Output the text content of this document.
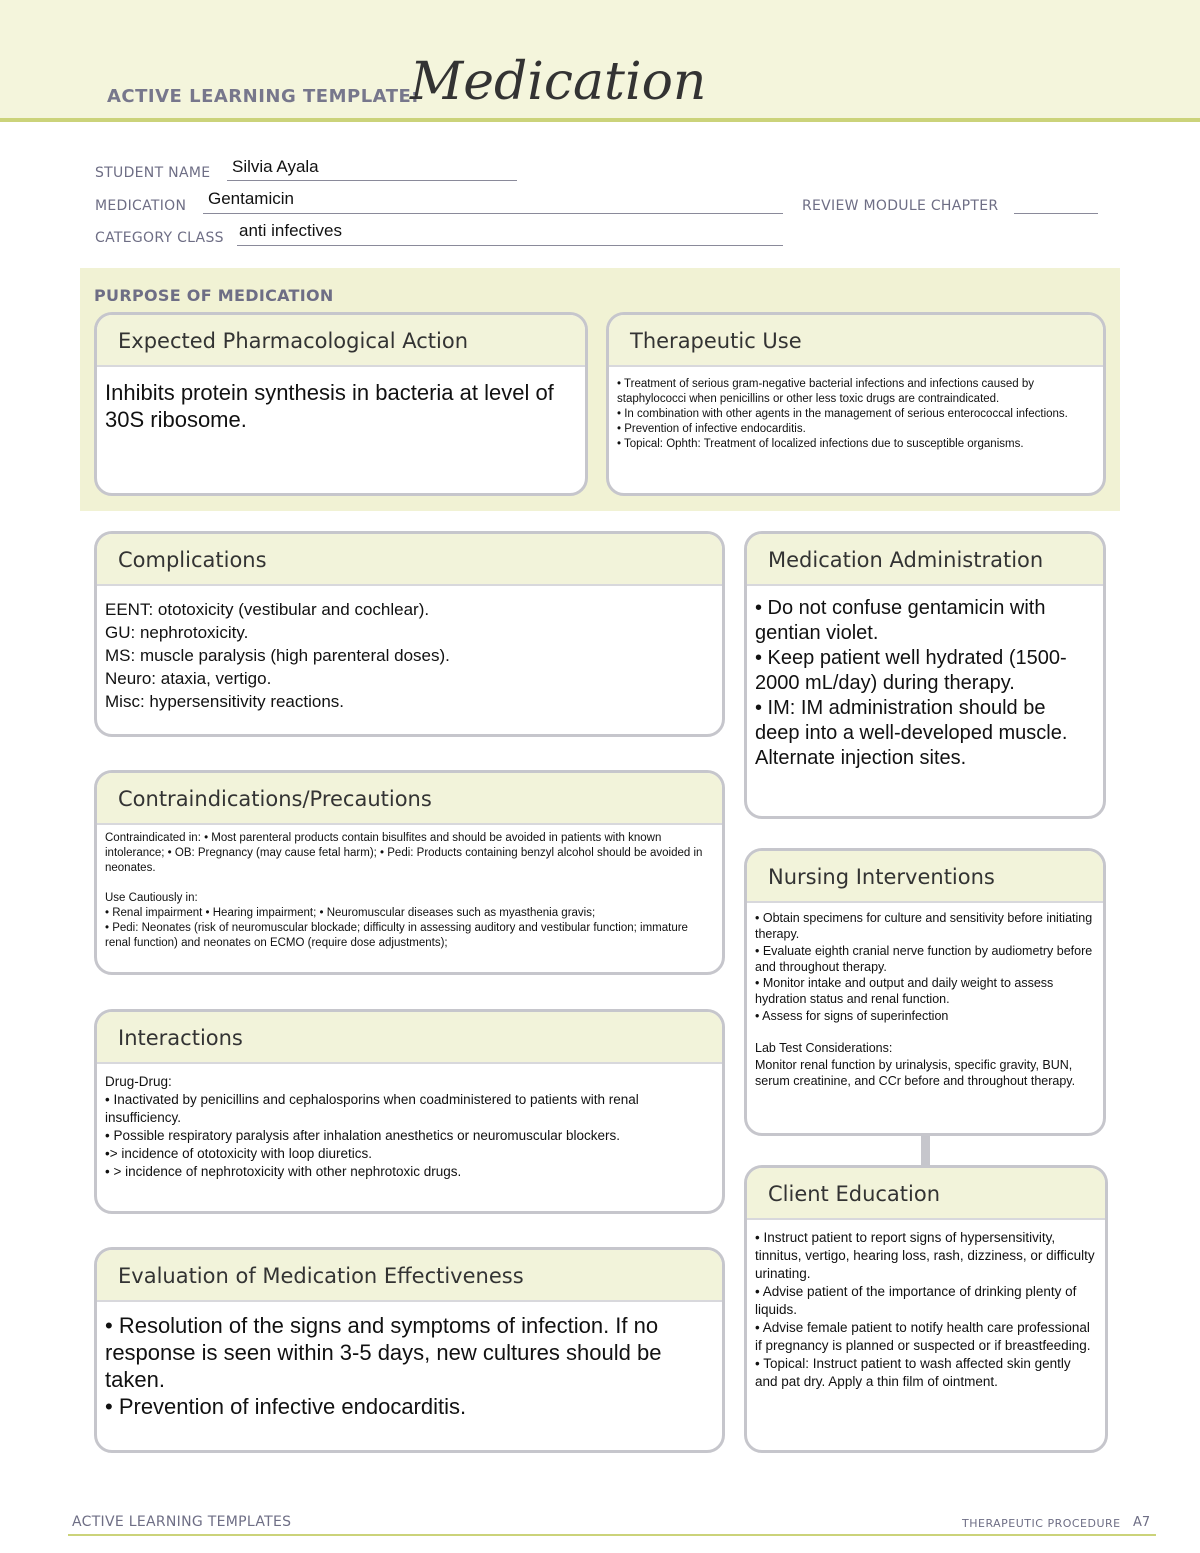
ACTIVE LEARNING TEMPLATE:
Medication
STUDENT NAME Silvia Ayala
MEDICATION Gentamicin	REVIEW MODULE CHAPTER
CATEGORY CLASS anti infectives
PURPOSE OF MEDICATION
Expected Pharmacological Action
Inhibits protein synthesis in bacteria at level of 30S ribosome.
Therapeutic Use
• Treatment of serious gram-negative bacterial infections and infections caused by staphylococci when penicillins or other less toxic drugs are contraindicated.
• In combination with other agents in the management of serious enterococcal infections.
• Prevention of infective endocarditis.
• Topical: Ophth: Treatment of localized infections due to susceptible organisms.
Complications
EENT: ototoxicity (vestibular and cochlear).
GU: nephrotoxicity.
MS: muscle paralysis (high parenteral doses).
Neuro: ataxia, vertigo.
Misc: hypersensitivity reactions.
Medication Administration
• Do not confuse gentamicin with gentian violet.
• Keep patient well hydrated (1500-2000 mL/day) during therapy.
• IM: IM administration should be deep into a well-developed muscle. Alternate injection sites.
Contraindications/Precautions
Contraindicated in: • Most parenteral products contain bisulfites and should be avoided in patients with known intolerance; • OB: Pregnancy (may cause fetal harm); • Pedi: Products containing benzyl alcohol should be avoided in neonates.

Use Cautiously in:
• Renal impairment • Hearing impairment; • Neuromuscular diseases such as myasthenia gravis;
• Pedi: Neonates (risk of neuromuscular blockade; difficulty in assessing auditory and vestibular function; immature renal function) and neonates on ECMO (require dose adjustments);
Nursing Interventions
• Obtain specimens for culture and sensitivity before initiating therapy.
• Evaluate eighth cranial nerve function by audiometry before and throughout therapy.
• Monitor intake and output and daily weight to assess hydration status and renal function.
• Assess for signs of superinfection

Lab Test Considerations:
Monitor renal function by urinalysis, specific gravity, BUN, serum creatinine, and CCr before and throughout therapy.
Interactions
Drug-Drug:
• Inactivated by penicillins and cephalosporins when coadministered to patients with renal insufficiency.
• Possible respiratory paralysis after inhalation anesthetics or neuromuscular blockers.
•> incidence of ototoxicity with loop diuretics.
• > incidence of nephrotoxicity with other nephrotoxic drugs.
Client Education
• Instruct patient to report signs of hypersensitivity, tinnitus, vertigo, hearing loss, rash, dizziness, or difficulty urinating.
• Advise patient of the importance of drinking plenty of liquids.
• Advise female patient to notify health care professional if pregnancy is planned or suspected or if breastfeeding.
• Topical: Instruct patient to wash affected skin gently and pat dry. Apply a thin film of ointment.
Evaluation of Medication Effectiveness
• Resolution of the signs and symptoms of infection. If no response is seen within 3-5 days, new cultures should be taken.
• Prevention of infective endocarditis.
ACTIVE LEARNING TEMPLATES	THERAPEUTIC PROCEDURE A7
